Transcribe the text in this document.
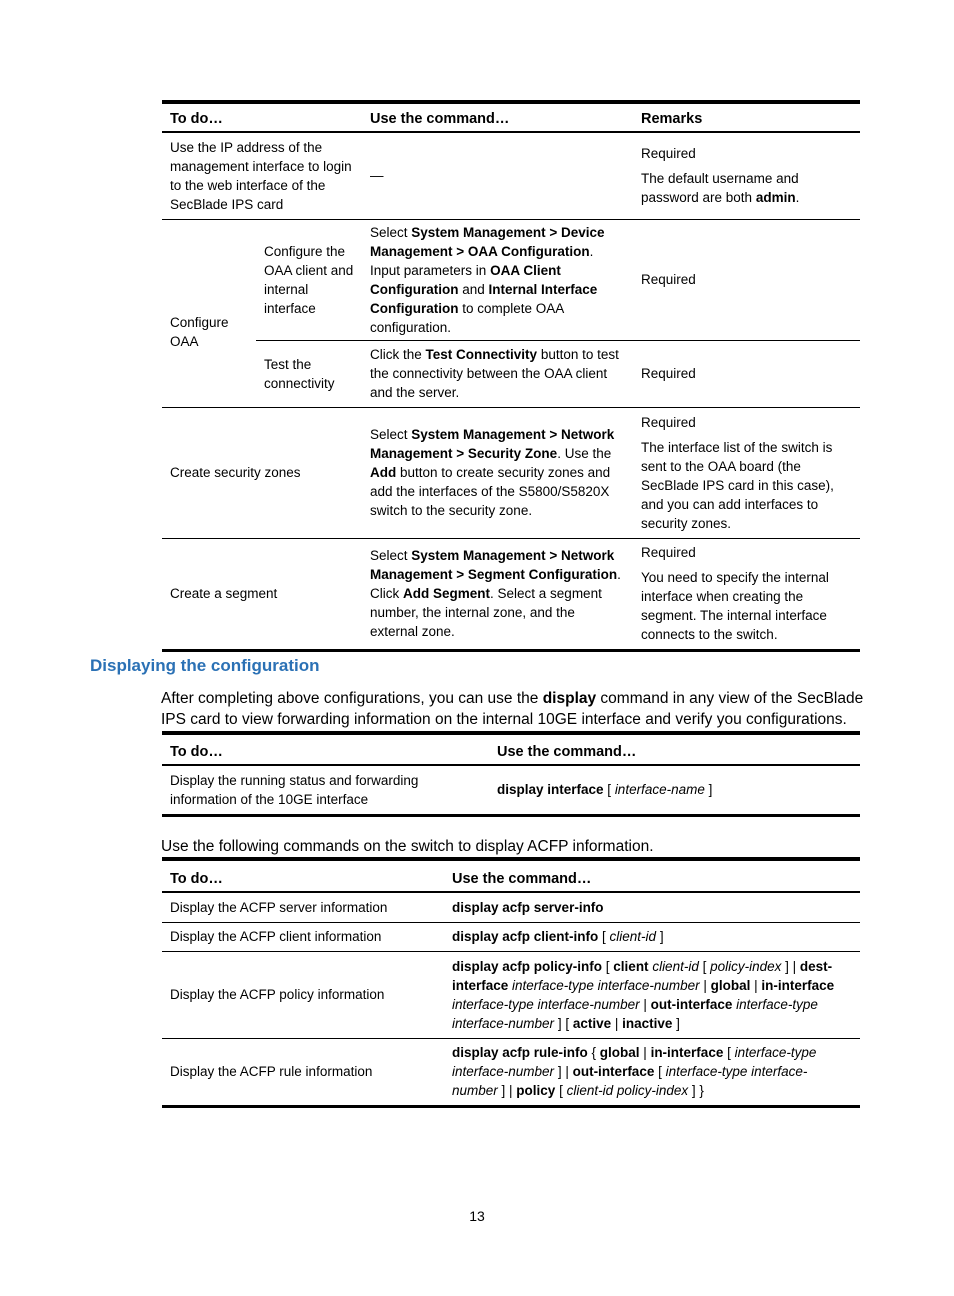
To do…		Use the command…	Remarks
Use the IP address of the management interface to login to the web interface of the SecBlade IPS card		—	Required

The default username and password are both admin.

Configure OAA	Configure the OAA client and internal interface	Select System Management > Device Management > OAA Configuration. Input parameters in OAA Client Configuration and Internal Interface Configuration to complete OAA configuration.	Required
	Test the connectivity	Click the Test Connectivity button to test the connectivity between the OAA client and the server.	Required
Create security zones		Select System Management > Network Management > Security Zone. Use the Add button to create security zones and add the interfaces of the S5800/S5820X switch to the security zone.	Required

The interface list of the switch is sent to the OAA board (the SecBlade IPS card in this case), and you can add interfaces to security zones.

Create a segment		Select System Management > Network Management > Segment Configuration. Click Add Segment. Select a segment number, the internal zone, and the external zone.	Required

You need to specify the internal interface when creating the segment. The internal interface connects to the switch.

Displaying the configuration

After completing above configurations, you can use the display command in any view of the SecBlade IPS card to view forwarding information on the internal 10GE interface and verify you configurations.

To do…	Use the command…
Display the running status and forwarding information of the 10GE interface	display interface [ interface-name ]

Use the following commands on the switch to display ACFP information.

To do…	Use the command…
Display the ACFP server information	display acfp server-info
Display the ACFP client information	display acfp client-info [ client-id ]
Display the ACFP policy information	display acfp policy-info [ client client-id [ policy-index ] | dest-interface interface-type interface-number | global | in-interface interface-type interface-number | out-interface interface-type interface-number ] [ active | inactive ]
Display the ACFP rule information	display acfp rule-info { global | in-interface [ interface-type interface-number ] | out-interface [ interface-type interface-number ] | policy [ client-id policy-index ] }
13
